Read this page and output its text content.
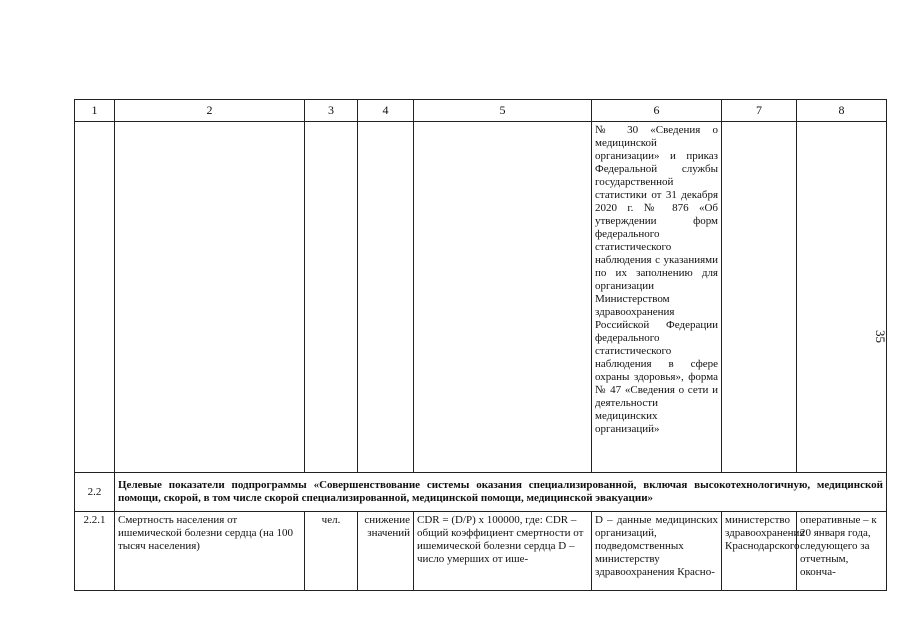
1	2	3	4	5	6	7	8
					№ 30 «Сведения о медицинской организации» и приказ Федеральной службы государственной статистики от 31 декабря 2020 г. № 876 «Об утверждении форм федерального статистического наблюдения с указаниями по их заполнению для организации Министерством здравоохранения Российской Федерации федерального статистического наблюдения в сфере охраны здоровья», форма № 47 «Сведения о сети и деятельности медицинских организаций»		
2.2	Целевые показатели подпрограммы «Совершенствование системы оказания специализированной, включая высокотехнологичную, медицинской помощи, скорой, в том числе скорой специализированной, медицинской помощи, медицинской эвакуации»						
2.2.1	Смертность населения от ишемической болезни сердца (на 100 тысяч населения)	чел.	снижение значений	CDR = (D/P) x 100000, где: CDR – общий коэффициент смертности от ишемической болезни сердца D – число умерших от ише-	D – данные медицинских организаций, подведомственных министерству здравоохранения Красно-	министерство здравоохранения Краснодарского	оперативные – к 20 января года, следующего за отчетным, оконча-
35
